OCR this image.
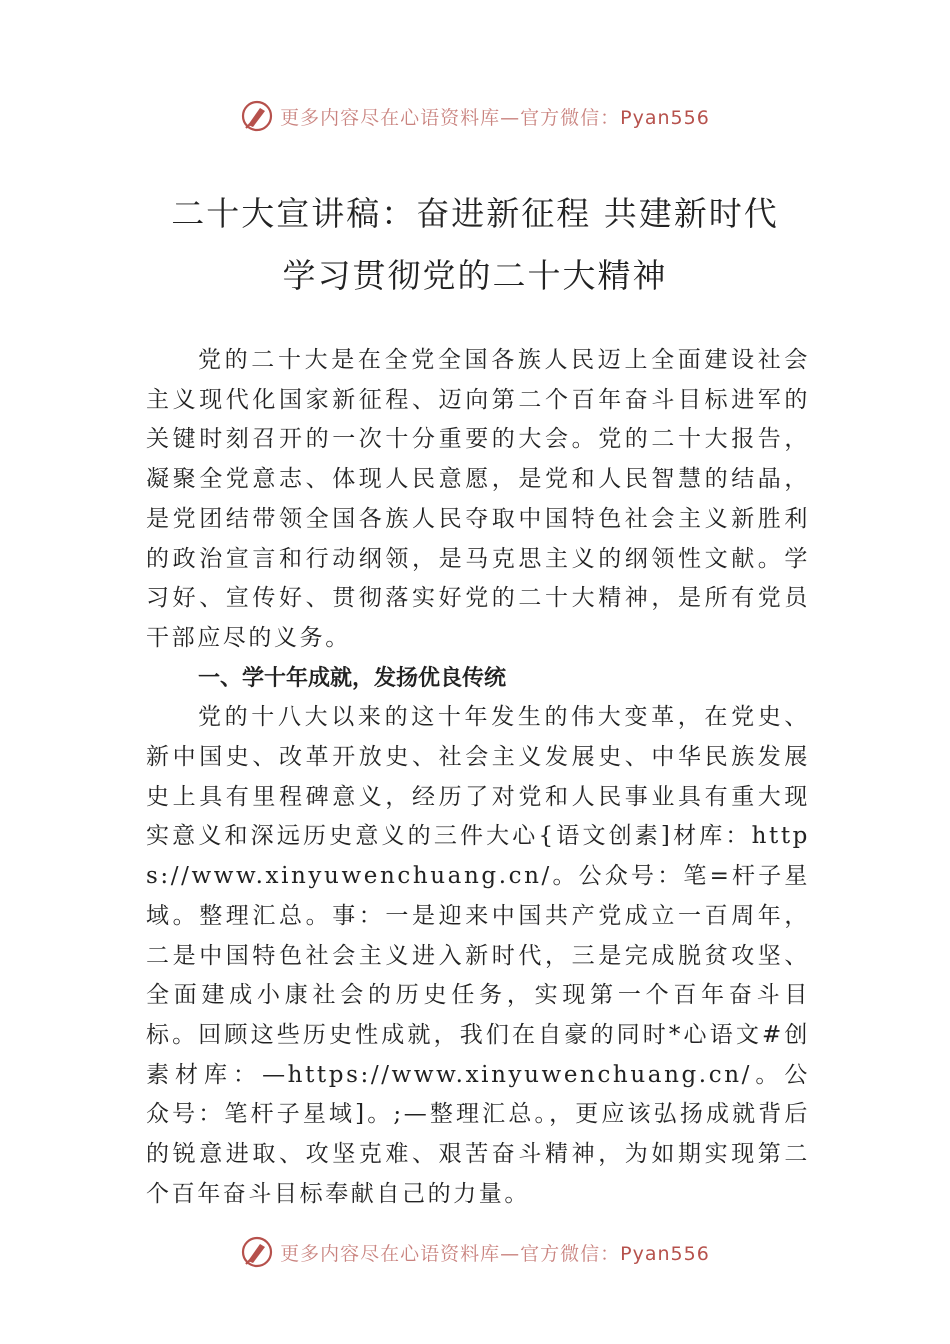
更多内容尽在心语资料库—官方微信：Pyan556
二十大宣讲稿：奋进新征程 共建新时代
学习贯彻党的二十大精神

党的二十大是在全党全国各族人民迈上全面建设社会主义现代化国家新征程、迈向第二个百年奋斗目标进军的关键时刻召开的一次十分重要的大会。党的二十大报告，凝聚全党意志、体现人民意愿，是党和人民智慧的结晶，是党团结带领全国各族人民夺取中国特色社会主义新胜利的政治宣言和行动纲领，是马克思主义的纲领性文献。学习好、宣传好、贯彻落实好党的二十大精神，是所有党员干部应尽的义务。

一、学十年成就，发扬优良传统

党的十八大以来的这十年发生的伟大变革，在党史、新中国史、改革开放史、社会主义发展史、中华民族发展史上具有里程碑意义，经历了对党和人民事业具有重大现实意义和深远历史意义的三件大心{语文创素]材库：https://www.xinyuwenchuang.cn/。公众号：笔=杆子星域。整理汇总。事：一是迎来中国共产党成立一百周年，二是中国特色社会主义进入新时代，三是完成脱贫攻坚、全面建成小康社会的历史任务，实现第一个百年奋斗目标。回顾这些历史性成就，我们在自豪的同时*心语文#创素材库：—https://www.xinyuwenchuang.cn/。公众号：笔杆子星域]。;—整理汇总。，更应该弘扬成就背后的锐意进取、攻坚克难、艰苦奋斗精神，为如期实现第二个百年奋斗目标奉献自己的力量。

更多内容尽在心语资料库—官方微信：Pyan556
